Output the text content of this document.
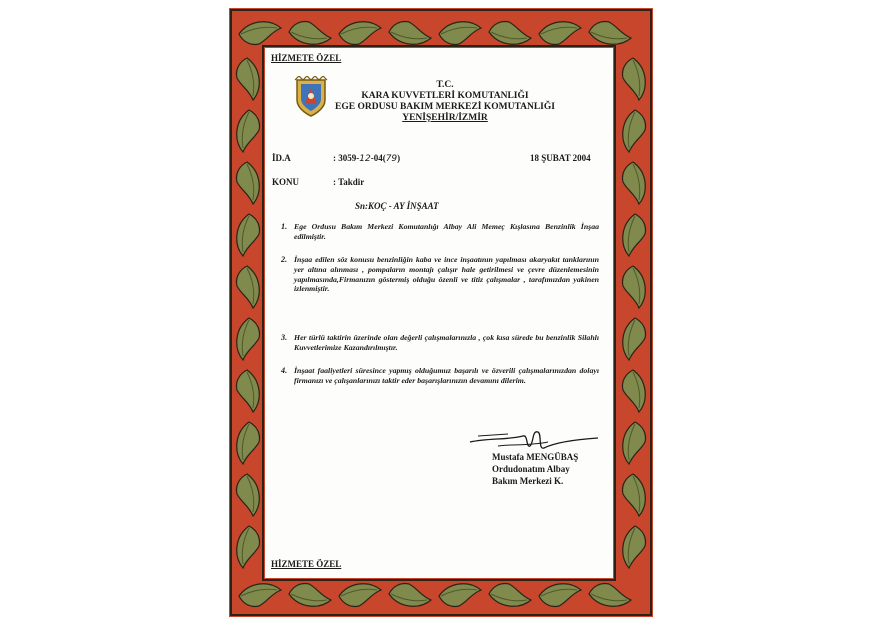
HİZMETE ÖZEL

T.C.

KARA KUVVETLERİ KOMUTANLIĞI

EGE ORDUSU BAKIM MERKEZİ KOMUTANLIĞI

YENİŞEHİR/İZMİR

İD.A	: 3059-12-04(79)	18 ŞUBAT 2004

KONU	: Takdir

Sn:KOÇ - AY İNŞAAT

1. Ege Ordusu Bakım Merkezi Komutanlığı Albay Ali Memeç Kışlasına Benzinlik İnşaa edilmiştir.

2. İnşaa edilen söz konusu benzinliğin kaba ve ince inşaatının yapılması akaryakıt tanklarının yer altına alınması , pompaların montajı çalışır hale getirilmesi ve çevre düzenlemesinin yapılmasında,Firmanızın göstermiş olduğu özenli ve titiz çalışmalar , tarafımızdan yakinen izlenmiştir.

3. Her türlü taktirin üzerinde olan değerli çalışmalarınızla , çok kısa sürede bu benzinlik Silahlı Kuvvetlerimize Kazandırılmıştır.

4. İnşaat faaliyetleri süresince yapmış olduğumuz başarılı ve özverili çalışmalarınızdan dolayı firmanızı ve çalışanlarınızı taktir eder başarışlarınızın devamını dilerim.

Mustafa MENGÜBAŞ

Ordudonatım Albay

Bakım Merkezi K.

HİZMETE ÖZEL
